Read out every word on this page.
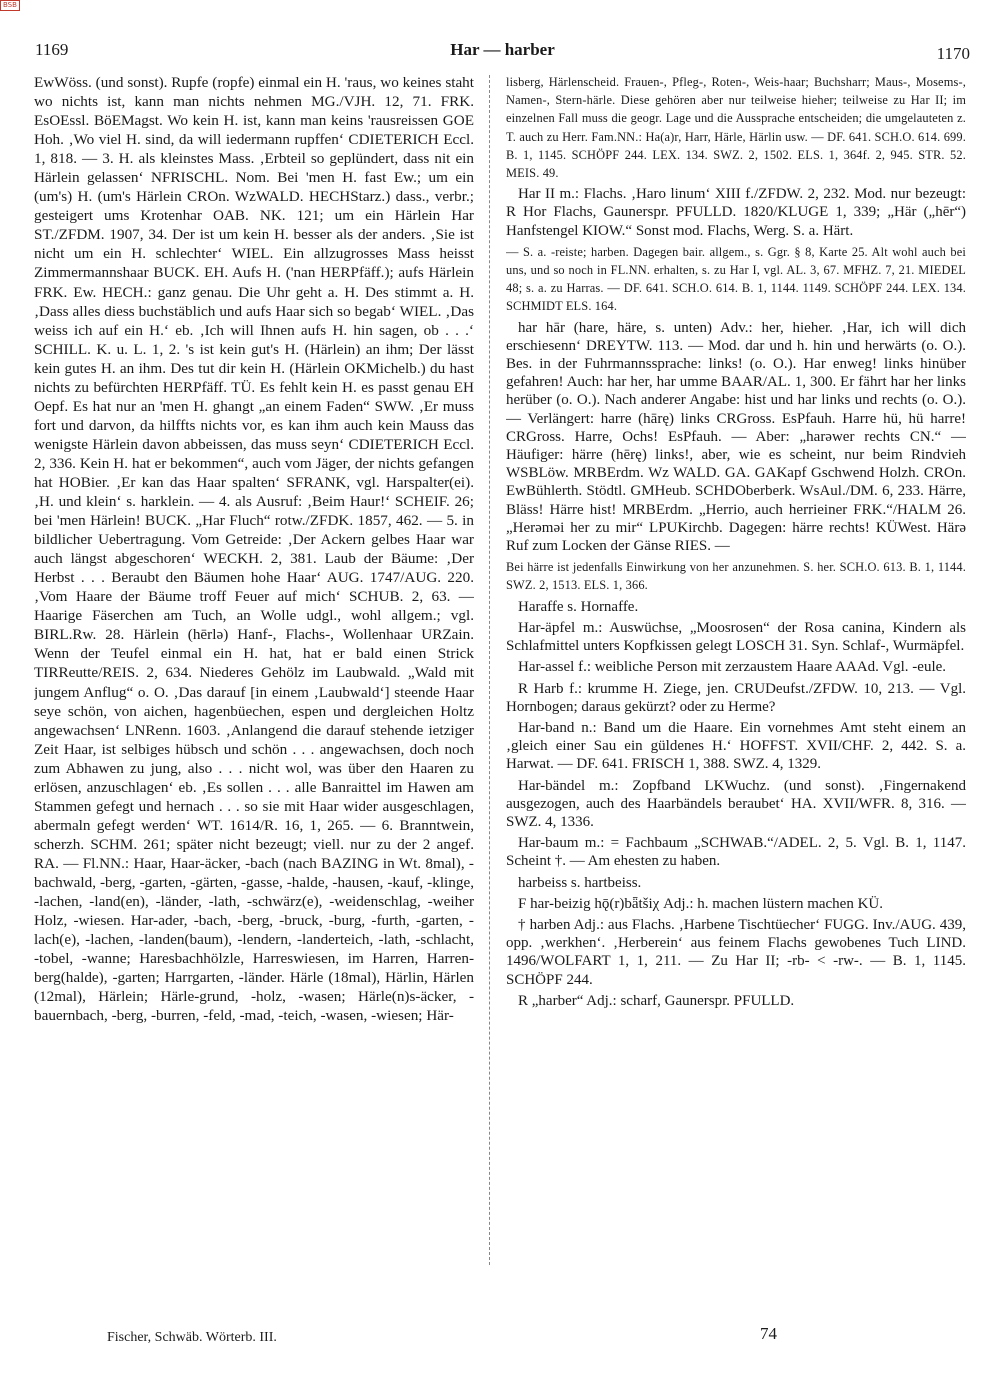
BSB
1169	Har — harber	1170

EwWöss. (und sonst). Rupfe (ropfe) einmal ein H. 'raus, wo keines staht wo nichts ist, kann man nichts nehmen MG./VJH. 12, 71. FRK. EsOEssl. BöEMagst. Wo kein H. ist, kann man keins 'rausreissen GOE Hoh. ‚Wo viel H. sind, da will iedermann rupffen‘ CDIETERICH Eccl. 1, 818. — 3. H. als kleinstes Mass. ‚Erbteil so geplündert, dass nit ein Härlein gelassen‘ NFRISCHL. Nom. Bei 'men H. fast Ew.; um ein (um's) H. (um's Härlein CROn. WzWALD. HECHStarz.) dass., verbr.; gesteigert ums Krotenhar OAB. NK. 121; um ein Härlein Har ST./ZFDM. 1907, 34. Der ist um kein H. besser als der anders. ‚Sie ist nicht um ein H. schlechter‘ WIEL. Ein allzugrosses Mass heisst Zimmermannshaar BUCK. EH. Aufs H. ('nan HERPfäff.); aufs Härlein FRK. Ew. HECH.: ganz genau. Die Uhr geht a. H. Des stimmt a. H. ‚Dass alles diess buchstäblich und aufs Haar sich so begab‘ WIEL. ‚Das weiss ich auf ein H.‘ eb. ‚Ich will Ihnen aufs H. hin sagen, ob . . .‘ SCHILL. K. u. L. 1, 2. 's ist kein gut's H. (Härlein) an ihm; Der lässt kein gutes H. an ihm. Des tut dir kein H. (Härlein OKMichelb.) du hast nichts zu befürchten HERPfäff. TÜ. Es fehlt kein H. es passt genau EH Oepf. Es hat nur an 'men H. ghangt „an einem Faden“ SWW. ‚Er muss fort und darvon, da hilffts nichts vor, es kan ihm auch kein Mauss das wenigste Härlein davon abbeissen, das muss seyn‘ CDIETERICH Eccl. 2, 336. Kein H. hat er bekommen“, auch vom Jäger, der nichts gefangen hat HOBier. ‚Er kan das Haar spalten‘ SFRANK, vgl. Harspalter(ei). ‚H. und klein‘ s. harklein. — 4. als Ausruf: ‚Beim Haur!‘ SCHEIF. 26; bei 'men Härlein! BUCK. „Har Fluch“ rotw./ZFDK. 1857, 462. — 5. in bildlicher Uebertragung. Vom Getreide: ‚Der Ackern gelbes Haar war auch längst abgeschoren‘ WECKH. 2, 381. Laub der Bäume: ‚Der Herbst . . . Beraubt den Bäumen hohe Haar‘ AUG. 1747/AUG. 220. ‚Vom Haare der Bäume troff Feuer auf mich‘ SCHUB. 2, 63. — Haarige Fäserchen am Tuch, an Wolle udgl., wohl allgem.; vgl. BIRL.Rw. 28. Härlein (hērlə) Hanf-, Flachs-, Wollenhaar URZain. Wenn der Teufel einmal ein H. hat, hat er bald einen Strick TIRReutte/REIS. 2, 634. Niederes Gehölz im Laubwald. „Wald mit jungem Anflug“ o. O. ‚Das darauf [in einem ‚Laubwald‘] steende Haar seye schön, von aichen, hagenbüechen, espen und dergleichen Holtz angewachsen‘ LNRenn. 1603. ‚Anlangend die darauf stehende ietziger Zeit Haar, ist selbiges hübsch und schön . . . angewachsen, doch noch zum Abhawen zu jung, also . . . nicht wol, was über den Haaren zu erlösen, anzuschlagen‘ eb. ‚Es sollen . . . alle Banraittel im Hawen am Stammen gefegt und hernach . . . so sie mit Haar wider ausgeschlagen, abermaln gefegt werden‘ WT. 1614/R. 16, 1, 265. — 6. Branntwein, scherzh. SCHM. 261; später nicht bezeugt; viell. nur zu der 2 angef. RA. — Fl.NN.: Haar, Haar-äcker, -bach (nach BAZING in Wt. 8mal), -bachwald, -berg, -garten, -gärten, -gasse, -halde, -hausen, -kauf, -klinge, -lachen, -land(en), -länder, -lath, -schwärz(e), -weidenschlag, -weiher Holz, -wiesen. Har-ader, -bach, -berg, -bruck, -burg, -furth, -garten, -lach(e), -lachen, -landen(baum), -lendern, -landerteich, -lath, -schlacht, -tobel, -wanne; Haresbachhölzle, Harreswiesen, im Harren, Harren-berg(halde), -garten; Harrgarten, -länder. Härle (18mal), Härlin, Härlen (12mal), Härlein; Härle-grund, -holz, -wasen; Härle(n)s-äcker, -bauernbach, -berg, -burren, -feld, -mad, -teich, -wasen, -wiesen; Här-

lisberg, Härlenscheid. Frauen-, Pfleg-, Roten-, Weis-haar; Buchsharr; Maus-, Mosems-, Namen-, Stern-härle. Diese gehören aber nur teilweise hieher; teilweise zu Har II; im einzelnen Fall muss die geogr. Lage und die Aussprache entscheiden; die umgelauteten z. T. auch zu Herr. Fam.NN.: Ha(a)r, Harr, Härle, Härlin usw. — DF. 641. SCH.O. 614. 699. B. 1, 1145. SCHÖPF 244. LEX. 134. SWZ. 2, 1502. ELS. 1, 364f. 2, 945. STR. 52. MEIS. 49.

Har II m.: Flachs. ‚Haro linum‘ XIII f./ZFDW. 2, 232. Mod. nur bezeugt: R Hor Flachs, Gaunerspr. PFULLD. 1820/KLUGE 1, 339; „Här („hēr“) Hanfstengel KIOW.“ Sonst mod. Flachs, Werg. S. a. Härt.

— S. a. -reiste; harben. Dagegen bair. allgem., s. Ggr. § 8, Karte 25. Alt wohl auch bei uns, und so noch in FL.NN. erhalten, s. zu Har I, vgl. AL. 3, 67. MFHZ. 7, 21. MIEDEL 48; s. a. zu Harras. — DF. 641. SCH.O. 614. B. 1, 1144. 1149. SCHÖPF 244. LEX. 134. SCHMIDT ELS. 164.

har hār (hare, häre, s. unten) Adv.: her, hieher. ‚Har, ich will dich erschiesenn‘ DREYTW. 113. — Mod. dar und h. hin und herwärts (o. O.). Bes. in der Fuhrmannssprache: links! (o. O.). Har enweg! links hinüber gefahren! Auch: har her, har umme BAAR/AL. 1, 300. Er fährt har her links herüber (o. O.). Nach anderer Angabe: hist und har links und rechts (o. O.). — Verlängert: harre (hārę) links CRGross. EsPfauh. Harre hü, hü harre! CRGross. Harre, Ochs! EsPfauh. — Aber: „harəwer rechts CN.“ — Häufiger: härre (hērę) links!, aber, wie es scheint, nur beim Rindvieh WSBLöw. MRBErdm. Wz WALD. GA. GAKapf Gschwend Holzh. CROn. EwBühlerth. Stödtl. GMHeub. SCHDOberberk. WsAul./DM. 6, 233. Härre, Bläss! Härre hist! MRBErdm. „Herrio, auch herrieiner FRK.“/HALM 26. „Herəməi her zu mir“ LPUKirchb. Dagegen: härre rechts! KÜWest. Härə Ruf zum Locken der Gänse RIES. —

Bei härre ist jedenfalls Einwirkung von her anzunehmen. S. her. SCH.O. 613. B. 1, 1144. SWZ. 2, 1513. ELS. 1, 366.

Haraffe s. Hornaffe.

Har-äpfel m.: Auswüchse, „Moosrosen“ der Rosa canina, Kindern als Schlafmittel unters Kopfkissen gelegt LOSCH 31. Syn. Schlaf-, Wurmäpfel.

Har-assel f.: weibliche Person mit zerzaustem Haare AAAd. Vgl. -eule.

R Harb f.: krumme H. Ziege, jen. CRUDeufst./ZFDW. 10, 213. — Vgl. Hornbogen; daraus gekürzt? oder zu Herme?

Har-band n.: Band um die Haare. Ein vornehmes Amt steht einem an ‚gleich einer Sau ein güldenes H.‘ HOFFST. XVII/CHF. 2, 442. S. a. Harwat. — DF. 641. FRISCH 1, 388. SWZ. 4, 1329.

Har-bändel m.: Zopfband LKWuchz. (und sonst). ‚Fingernakend ausgezogen, auch des Haarbändels beraubet‘ HA. XVII/WFR. 8, 316. — SWZ. 4, 1336.

Har-baum m.: = Fachbaum „SCHWAB.“/ADEL. 2, 5. Vgl. B. 1, 1147. Scheint †. — Am ehesten zu haben.

harbeiss s. hartbeiss.

F har-beizig hǭ(r)bǟtšiχ Adj.: h. machen lüstern machen KÜ.

† harben Adj.: aus Flachs. ‚Harbene Tischtüecher‘ FUGG. Inv./AUG. 439, opp. ‚werkhen‘. ‚Herberein‘ aus feinem Flachs gewobenes Tuch LIND. 1496/WOLFART 1, 1, 211. — Zu Har II; -rb- < -rw-. — B. 1, 1145. SCHÖPF 244.

R „harber“ Adj.: scharf, Gaunerspr. PFULLD.

Fischer, Schwäb. Wörterb. III.	74
